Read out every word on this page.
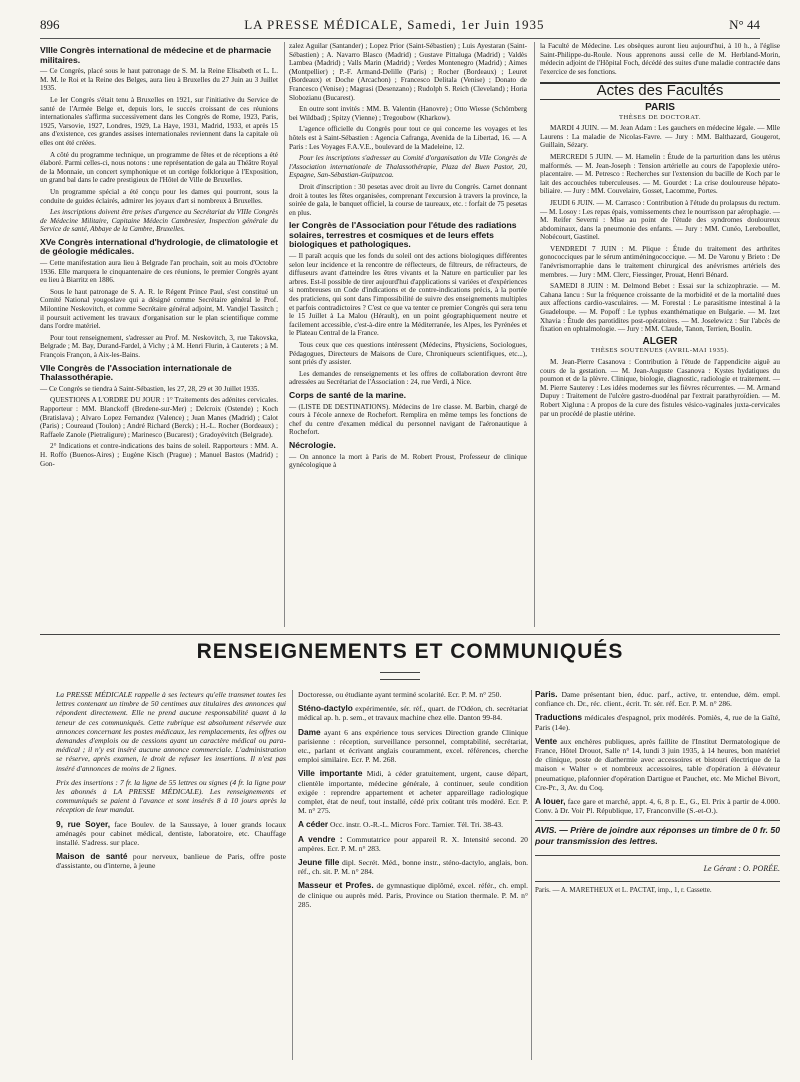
896	LA PRESSE MÉDICALE, Samedi, 1er Juin 1935	N° 44
VIIIe Congrès international de médecine et de pharmacie militaires.

— Ce Congrès, placé sous le haut patronage de S. M. la Reine Elisabeth et L. L. M. M. le Roi et la Reine des Belges, aura lieu à Bruxelles du 27 Juin au 3 Juillet 1935.

Le Ier Congrès s'était tenu à Bruxelles en 1921, sur l'initiative du Service de santé de l'Armée Belge et, depuis lors, le succès croissant de ces réunions internationales s'affirma successivement dans les Congrès de Rome, 1923, Paris, 1925, Varsovie, 1927, Londres, 1929, La Haye, 1931, Madrid, 1933, et après 15 ans d'existence, ces grandes assises internationales reviennent dans la capitale où elles ont été créées.

A côté du programme technique, un programme de fêtes et de réceptions a été élaboré. Parmi celles-ci, nous notons : une représentation de gala au Théâtre Royal de la Monnaie, un concert symphonique et un cortège folklorique à l'Exposition, un grand bal dans le cadre prestigieux de l'Hôtel de Ville de Bruxelles.

Un programme spécial a été conçu pour les dames qui pourront, sous la conduite de guides éclairés, admirer les joyaux d'art si nombreux à Bruxelles.

Les inscriptions doivent être prises d'urgence au Secrétariat du VIIIe Congrès de Médecine Militaire, Capitaine Médecin Cambresier, Inspection générale du Service de santé, Abbaye de la Cambre, Bruxelles.

XVe Congrès international d'hydrologie, de climatologie et de géologie médicales.

— Cette manifestation aura lieu à Belgrade l'an prochain, soit au mois d'Octobre 1936. Elle marquera le cinquantenaire de ces réunions, le premier Congrès ayant eu lieu à Biarritz en 1886.

Sous le haut patronage de S. A. R. le Régent Prince Paul, s'est constitué un Comité National yougoslave qui a désigné comme Secrétaire général le Prof. Milontine Neskovitch, et comme Secrétaire général adjoint, M. Vandjel Tassitch ; il poursuit activement les travaux d'organisation sur le plan scientifique comme dans l'ordre matériel.

Pour tout renseignement, s'adresser au Prof. M. Neskovitch, 3, rue Takovska, Belgrade ; M. Bay, Durand-Fardel, à Vichy ; à M. Henri Flurin, à Cauterets ; à M. François Françon, à Aix-les-Bains.

VIIe Congrès de l'Association internationale de Thalassothérapie.

— Ce Congrès se tiendra à Saint-Sébastien, les 27, 28, 29 et 30 Juillet 1935.

QUESTIONS A L'ORDRE DU JOUR : 1° Traitements des adénites cervicales. Rapporteur : MM. Blanckoff (Bredene-sur-Mer) ; Delcroix (Ostende) ; Koch (Bratislava) ; Alvaro Lopez Fernandez (Valence) ; Juan Manes (Madrid) ; Calot (Paris) ; Coureaud (Toulon) ; André Richard (Berck) ; H.-L. Rocher (Bordeaux) ; Raffaele Zanole (Pietraligure) ; Marinesco (Bucarest) ; Gradoyévitch (Belgrade).

2° Indications et contre-indications des bains de soleil. Rapporteurs : MM. A. H. Roffo (Buenos-Aires) ; Eugène Kisch (Prague) ; Manuel Bastos (Madrid) ; Gon-

zalez Aguilar (Santander) ; Lopez Prior (Saint-Sébastien) ; Luis Ayestaran (Saint-Sébastien) ; A. Navarro Blasco (Madrid) ; Gustave Pittaluga (Madrid) ; Valdès Lambea (Madrid) ; Valls Marin (Madrid) ; Verdes Montenegro (Madrid) ; Aimes (Montpellier) ; P.-F. Armand-Delille (Paris) ; Rocher (Bordeaux) ; Leuret (Bordeaux) et Doche (Arcachon) ; Francesco Delitala (Venise) ; Donato de Francesco (Venise) ; Magrasi (Desenzano) ; Rudolph S. Reich (Cleveland) ; Horia Slobozianu (Bucarest).

En outre sont invités : MM. B. Valentin (Hanovre) ; Otto Wiesse (Schömberg bei Wildbad) ; Spitzy (Vienne) ; Tregoubow (Kharkow).

L'agence officielle du Congrès pour tout ce qui concerne les voyages et les hôtels est à Saint-Sébastien : Agencia Cafranga, Avenida de la Libertad, 16. — A Paris : Les Voyages F.A.V.E., boulevard de la Madeleine, 12.

Pour les inscriptions s'adresser au Comité d'organisation du VIIe Congrès de l'Association internationale de Thalassothérapie, Plaza del Buen Pastor, 20, Espagne, San-Sébastian-Guipuzcoa.

Droit d'inscription : 30 pesetas avec droit au livre du Congrès. Carnet donnant droit à toutes les fêtes organisées, comprenant l'excursion à travers la province, la soirée de gala, le banquet officiel, la course de taureaux, etc. : forfait de 75 pesetas en plus.

Ier Congrès de l'Association pour l'étude des radiations solaires, terrestres et cosmiques et de leurs effets biologiques et pathologiques.

— Il paraît acquis que les fonds du soleil ont des actions biologiques différentes selon leur incidence et la rencontre de réflecteurs, de filtreurs, de réfracteurs, de diffuseurs avant d'atteindre les êtres vivants et la Nature en particulier par les arbres. Est-il possible de tirer aujourd'hui d'applications si variées et d'expériences si nombreuses un Code d'indications et de contre-indications précis, à la portée des praticiens, qui sont dans l'impossibilité de suivre des enseignements multiples et parfois contradictoires ? C'est ce que va tenter ce premier Congrès qui sera tenu le 15 Juillet à La Malou (Hérault), en un point géographiquement neutre et facilement accessible, c'est-à-dire entre la Méditerranée, les Alpes, les Pyrénées et le Plateau Central de la France.

Tous ceux que ces questions intéressent (Médecins, Physiciens, Sociologues, Pédagogues, Directeurs de Maisons de Cure, Chroniqueurs scientifiques, etc...), sont priés d'y assister.

Les demandes de renseignements et les offres de collaboration devront être adressées au Secrétariat de l'Association : 24, rue Verdi, à Nice.

Corps de santé de la marine.

— (LISTE DE DESTINATIONS). Médecins de 1re classe. M. Barbin, chargé de cours à l'école annexe de Rochefort. Remplira en même temps les fonctions de chef du centre d'examen médical du personnel navigant de l'aéronautique à Rochefort.

Nécrologie.

— On annonce la mort à Paris de M. Robert Proust, Professeur de clinique gynécologique à

la Faculté de Médecine. Les obsèques auront lieu aujourd'hui, à 10 h., à l'église Saint-Philippe-du-Roule. Nous apprenons aussi celle de M. Herbland-Morin, médecin adjoint de l'Hôpital Foch, décédé des suites d'une maladie contractée dans l'exercice de ses fonctions.

Actes des Facultés
PARIS
THÈSES DE DOCTORAT.

MARDI 4 JUIN. — M. Jean Adam : Les gauchers en médecine légale. — Mlle Laurens : La maladie de Nicolas-Favre. — Jury : MM. Balthazard, Gougerot, Guillain, Sézary.

MERCREDI 5 JUIN. — M. Hamelin : Étude de la parturition dans les utérus malformés. — M. Jean-Joseph : Tension artérielle au cours de l'apoplexie utéro-placentaire. — M. Petresco : Recherches sur l'extension du bacille de Koch par le lait des accouchées tuberculeuses. — M. Gourdet : La crise douloureuse hépato-biliaire. — Jury : MM. Couvelaire, Gosset, Lacomme, Portes.

JEUDI 6 JUIN. — M. Carrasco : Contribution à l'étude du prolapsus du rectum. — M. Losoy : Les repas épais, vomissements chez le nourrisson par aérophagie. — M. Reifer Severni : Mise au point de l'étude des syndromes douloureux abdominaux, dans la pneumonie des enfants. — Jury : MM. Cunéo, Lereboullet, Nobécourt, Gastinel.

VENDREDI 7 JUIN : M. Plique : Étude du traitement des arthrites gonococciques par le sérum antiméningococcique. — M. De Varonu y Brieto : De l'anévrismorraphie dans le traitement chirurgical des anévrismes artériels des membres. — Jury : MM. Clerc, Fiessinger, Prouat, Henri Bénard.

SAMEDI 8 JUIN : M. Delmond Bebet : Essai sur la schizophrazie. — M. Cahana Iancu : Sur la fréquence croissante de la morbidité et de la mortalité dues aux affections cardio-vasculaires. — M. Forestal : Le parasitisme intestinal à la Guadeloupe. — M. Popoff : Le typhus exanthématique en Bulgarie. — M. Izet Xhavia : Étude des parotidites post-opératoires. — M. Joselewicz : Sur l'abcès de fixation en ophtalmologie. — Jury : MM. Claude, Tanon, Terrien, Boulin.

ALGER
THÈSES SOUTENUES (AVRIL-MAI 1935).

M. Jean-Pierre Casanova : Contribution à l'étude de l'appendicite aiguë au cours de la gestation. — M. Jean-Auguste Casanova : Kystes hydatiques du poumon et de la plèvre. Clinique, biologie, diagnostic, radiologie et traitement. — M. Pierre Sauterey : Les idées modernes sur les fièvres récurrentes. — M. Armand Dupuy : Traitement de l'ulcère gastro-duodénal par l'extrait parathyroïdien. — M. Robert Xigluna : A propos de la cure des fistules vésico-vaginales juxta-cervicales par un procédé de plastie utérine.

RENSEIGNEMENTS ET COMMUNIQUÉS

La PRESSE MÉDICALE rappelle à ses lecteurs qu'elle transmet toutes les lettres contenant un timbre de 50 centimes aux titulaires des annonces qui répondent directement. Elle ne prend aucune responsabilité quant à la teneur de ces communiqués. Cette rubrique est absolument réservée aux annonces concernant les postes médicaux, les remplacements, les offres ou demandes d'emplois ou de cessions ayant un caractère médical ou para-médical ; il n'y est inséré aucune annonce commerciale. L'administration se réserve, après examen, le droit de refuser les insertions. Il n'est pas inséré d'annonces de moins de 2 lignes.

Prix des insertions : 7 fr. la ligne de 55 lettres ou signes (4 fr. la ligne pour les abonnés à LA PRESSE MÉDICALE). Les renseignements et communiqués se paient à l'avance et sont insérés 8 à 10 jours après la réception de leur mandat.

9, rue Soyer, face Boulev. de la Saussaye, à louer grands locaux aménagés pour cabinet médical, dentiste, laboratoire, etc. Chauffage installé. S'adress. sur place.

Maison de santé pour nerveux, banlieue de Paris, offre poste d'assistante, ou d'interne, à jeune

Doctoresse, ou étudiante ayant terminé scolarité. Ecr. P. M. n° 250.

Sténo-dactylo expérimentée, sér. réf., quart. de l'Odéon, ch. secrétariat médical ap. h. p. sem., et travaux machine chez elle. Danton 99-84.

Dame ayant 6 ans expérience tous services Direction grande Clinique parisienne : réception, surveillance personnel, comptabilité, secrétariat, etc., parlant et écrivant anglais couramment, excel. références, cherche emploi similaire. Ecr. P. M. 268.

Ville importante Midi, à céder gratuitement, urgent, cause départ, clientèle importante, médecine générale, à continuer, seule condition exigée : reprendre appartement et acheter appareillage radiologique complet, état de neuf, tout installé, cédé prix coûtant très modéré. Ecr. P. M. n° 275.

A céder Occ. instr. O.-R.-L. Micros Forc. Tarnier. Tél. Tri. 38-43.

A vendre : Commutatrice pour appareil R. X. Intensité second. 20 ampères. Ecr. P. M. n° 283.

Jeune fille dipl. Secrét. Méd., bonne instr., sténo-dactylo, anglais, bon. réf., ch. sit. P. M. n° 284.

Masseur et Profes. de gymnastique diplômé, excel. référ., ch. empl. de clinique ou auprès méd. Paris, Province ou Station thermale. P. M. n° 285.

Paris. Dame présentant bien, éduc. parf., active, tr. entendue, dém. empl. confiance ch. Dr., réc. client., écrit. Tr. sér. réf. Ecr. P. M. n° 286.

Traductions médicales d'espagnol, prix modérés. Pomiès, 4, rue de la Gaîté, Paris (14e).

Vente aux enchères publiques, après faillite de l'Institut Dermatologique de France, Hôtel Drouot, Salle n° 14, lundi 3 juin 1935, à 14 heures, bon matériel de clinique, poste de diathermie avec accessoires et bistouri électrique de la maison « Walter » et nombreux accessoires, table d'opération à élévateur pneumatique, plafonnier d'opération Dartigue et Pauchet, etc. Me Michel Bivort, Cre-Pr., 3, Av. du Coq.

A louer, face gare et marché, appt. 4, 6, 8 p. E., G., El. Prix à partir de 4.000. Conv. à Dr. Voir Pl. République, 17, Franconville (S.-et-O.).

AVIS. — Prière de joindre aux réponses un timbre de 0 fr. 50 pour transmission des lettres.
Le Gérant : O. PORÉE.
Paris. — A. MARETHEUX et L. PACTAT, imp., 1, r. Cassette.
